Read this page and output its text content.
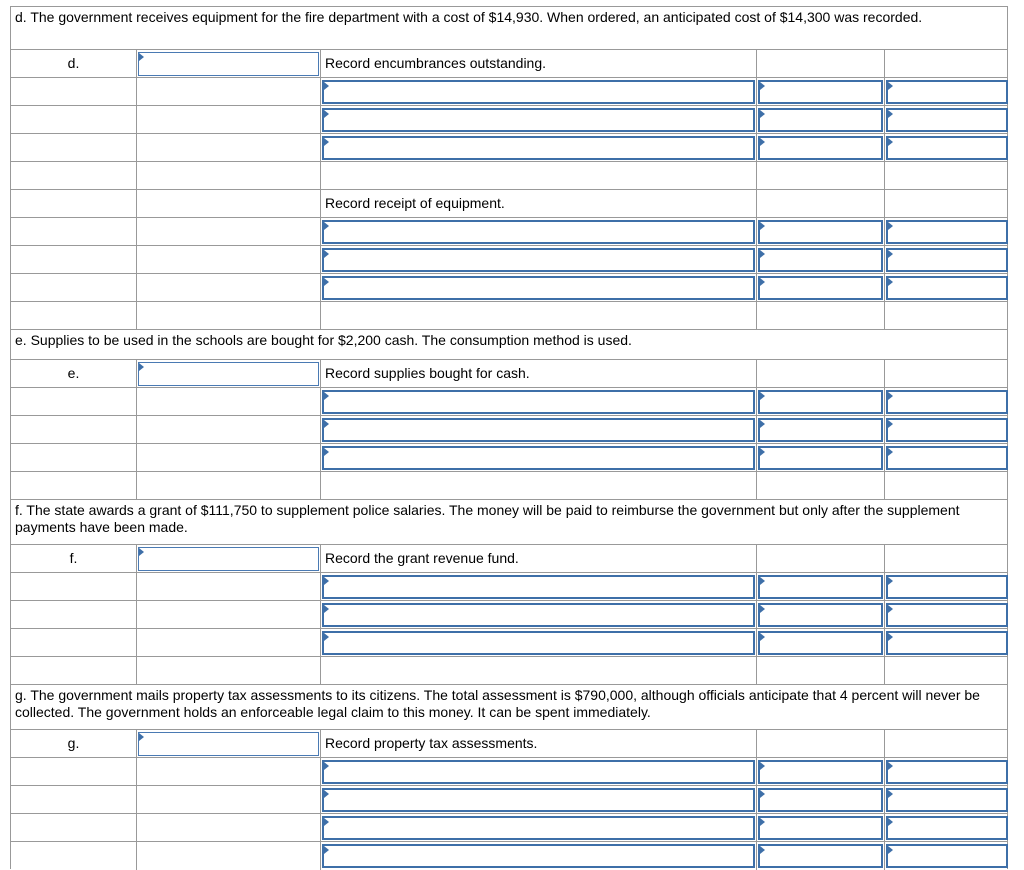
d. The government receives equipment for the fire department with a cost of $14,930. When ordered, an anticipated cost of $14,300 was recorded.
d.	Record encumbrances outstanding.
Record receipt of equipment.
e. Supplies to be used in the schools are bought for $2,200 cash. The consumption method is used.
e.	Record supplies bought for cash.
f. The state awards a grant of $111,750 to supplement police salaries. The money will be paid to reimburse the government but only after the supplement payments have been made.
f.	Record the grant revenue fund.
g. The government mails property tax assessments to its citizens. The total assessment is $790,000, although officials anticipate that 4 percent will never be collected. The government holds an enforceable legal claim to this money. It can be spent immediately.
g.	Record property tax assessments.
